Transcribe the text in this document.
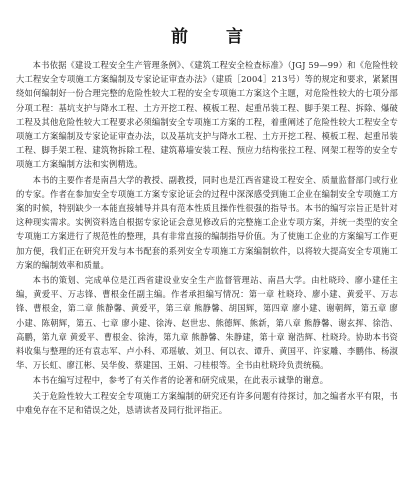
前 言

本书依据《建设工程安全生产管理条例》、《建筑工程安全检查标准》（JGJ 59—99）和《危险性较大工程安全专项施工方案编制及专家论证审查办法》（建质［2004］213号）等的规定和要求，紧紧围绕如何编制好一份合理完整的危险性较大工程的安全专项施工方案这个主题，对危险性较大的七项分部分项工程：基坑支护与降水工程、土方开挖工程、模板工程、起重吊装工程、脚手架工程、拆除、爆破工程及其他危险性较大工程要求必须编制安全专项施工方案的工程，着重阐述了危险性较大工程安全专项施工方案编制及专家论证审查办法，以及基坑支护与降水工程、土方开挖工程、模板工程、起重吊装工程、脚手架工程、建筑物拆除工程、建筑幕墙安装工程、预应力结构张拉工程、网架工程等的安全专项施工方案编制方法和实例精选。

本书的主要作者是南昌大学的教授、副教授，同时也是江西省建设工程安全、质量监督部门或行业的专家。作者在参加安全专项施工方案专家论证会的过程中深深感受到施工企业在编制安全专项施工方案的时候，特别缺少一本能直接辅导并具有范本性质且操作性很强的指导书。本书的编写宗旨正是针对这种现实需求。实例资料选自根据专家论证会意见修改后的完整施工企业专项方案，并统一类型的安全专项施工方案进行了规范性的整理，具有非常直接的编制指导价值。为了使施工企业的方案编写工作更加方便，我们正在研究开发与本书配套的系列安全专项施工方案编制软件，以将较大提高安全专项施工方案的编制效率和质量。

本书的策划、完成单位是江西省建设业安全生产监督管理站、南昌大学。由杜晓玲、廖小建任主编，黄爱平、万志锋、曹根金任副主编。作者承担编写情况：第一章 杜晓玲、廖小建、黄爱平、万志锋、曹根金，第二章 熊静馨、黄爱平，第三章 熊静馨、胡国辉，第四章 廖小建、谢朝辉，第五章 廖小建、陈朝辉，第五、七章 廖小建、徐涛、赵世忠、熊德辉、熊新，第八章 熊静馨、谢玄挥、徐浩、高鹏，第九章 黄爱平、曹根金、徐涛，第九章 熊静馨、朱静建，第十章 谢浩辉、杜晓玲。协助本书资料收集与整理的还有袁志军、卢小科、邓瑶敏、刘卫、何以衣、谭升、黄国平、许家雕、李鹏伟、杨淑华、万长虹、廖江彬、吴华俊、蔡建国、王娟、刁桂根等。全书由杜晓玲负责统稿。

本书在编写过程中，参考了有关作者的论著和研究成果，在此表示诚挚的谢意。

关于危险性较大工程安全专项施工方案编制的研究还有许多问题有待探讨，加之编者水平有限，书中难免存在不足和错误之处，恳请读者及同行批评指正。
